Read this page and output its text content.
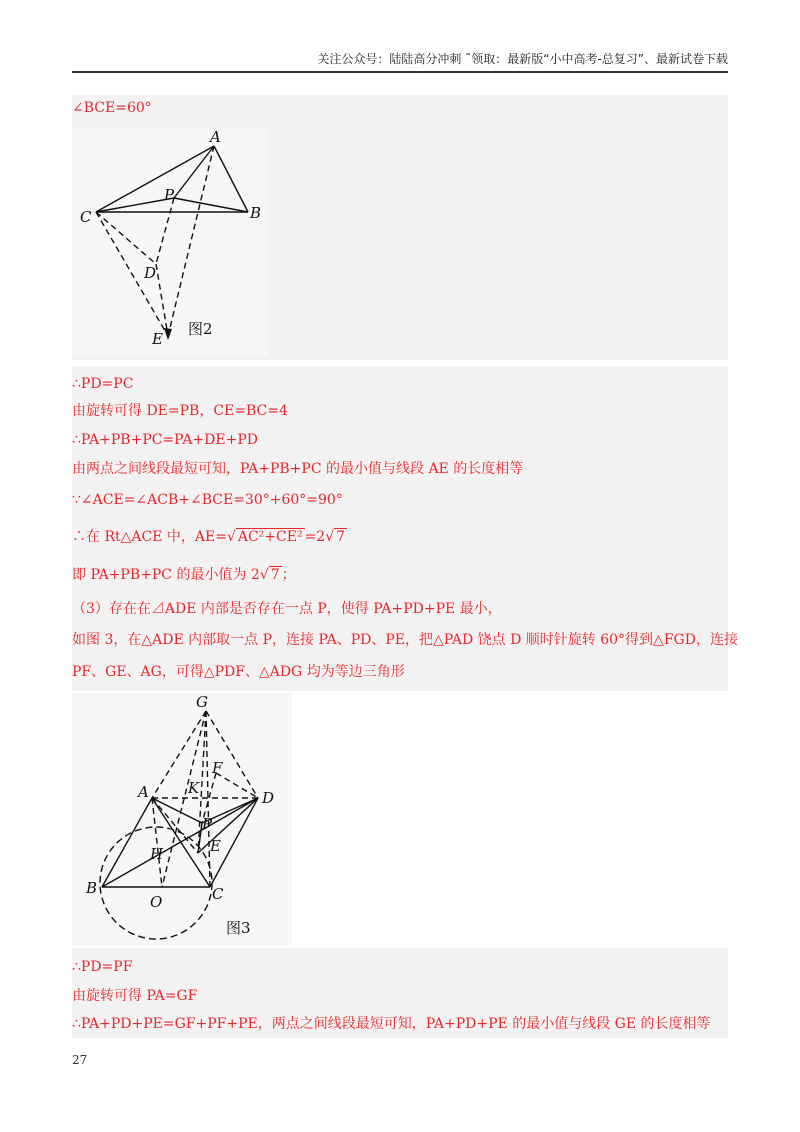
关注公众号：陆陆高分冲刺 ˜领取：最新版“小中高考-总复习”、最新试卷下载
∠BCE=60°
A
B
C
P
D
E
图2
∴PD=PC
由旋转可得 DE=PB，CE=BC=4
∴PA+PB+PC=PA+DE+PD
由两点之间线段最短可知，PA+PB+PC 的最小值与线段 AE 的长度相等
∵∠ACE=∠ACB+∠BCE=30°+60°=90°
∴在 Rt△ACE 中，AE=√ AC²+CE² =2√ 7
即 PA+PB+PC 的最小值为 2√ 7 ；
（3）存在在⊿ADE 内部是否存在一点 P，使得 PA+PD+PE 最小，
如图 3，在△ADE 内部取一点 P，连接 PA、PD、PE，把△PAD 饶点 D 顺时针旋转 60°得到△FGD，连接
PF、GE、AG，可得△PDF、△ADG 均为等边三角形
G
F
A	K
D
P
E
H
B
O	C
图3
∴PD=PF
由旋转可得 PA=GF
∴PA+PD+PE=GF+PF+PE，两点之间线段最短可知，PA+PD+PE 的最小值与线段 GE 的长度相等
27
